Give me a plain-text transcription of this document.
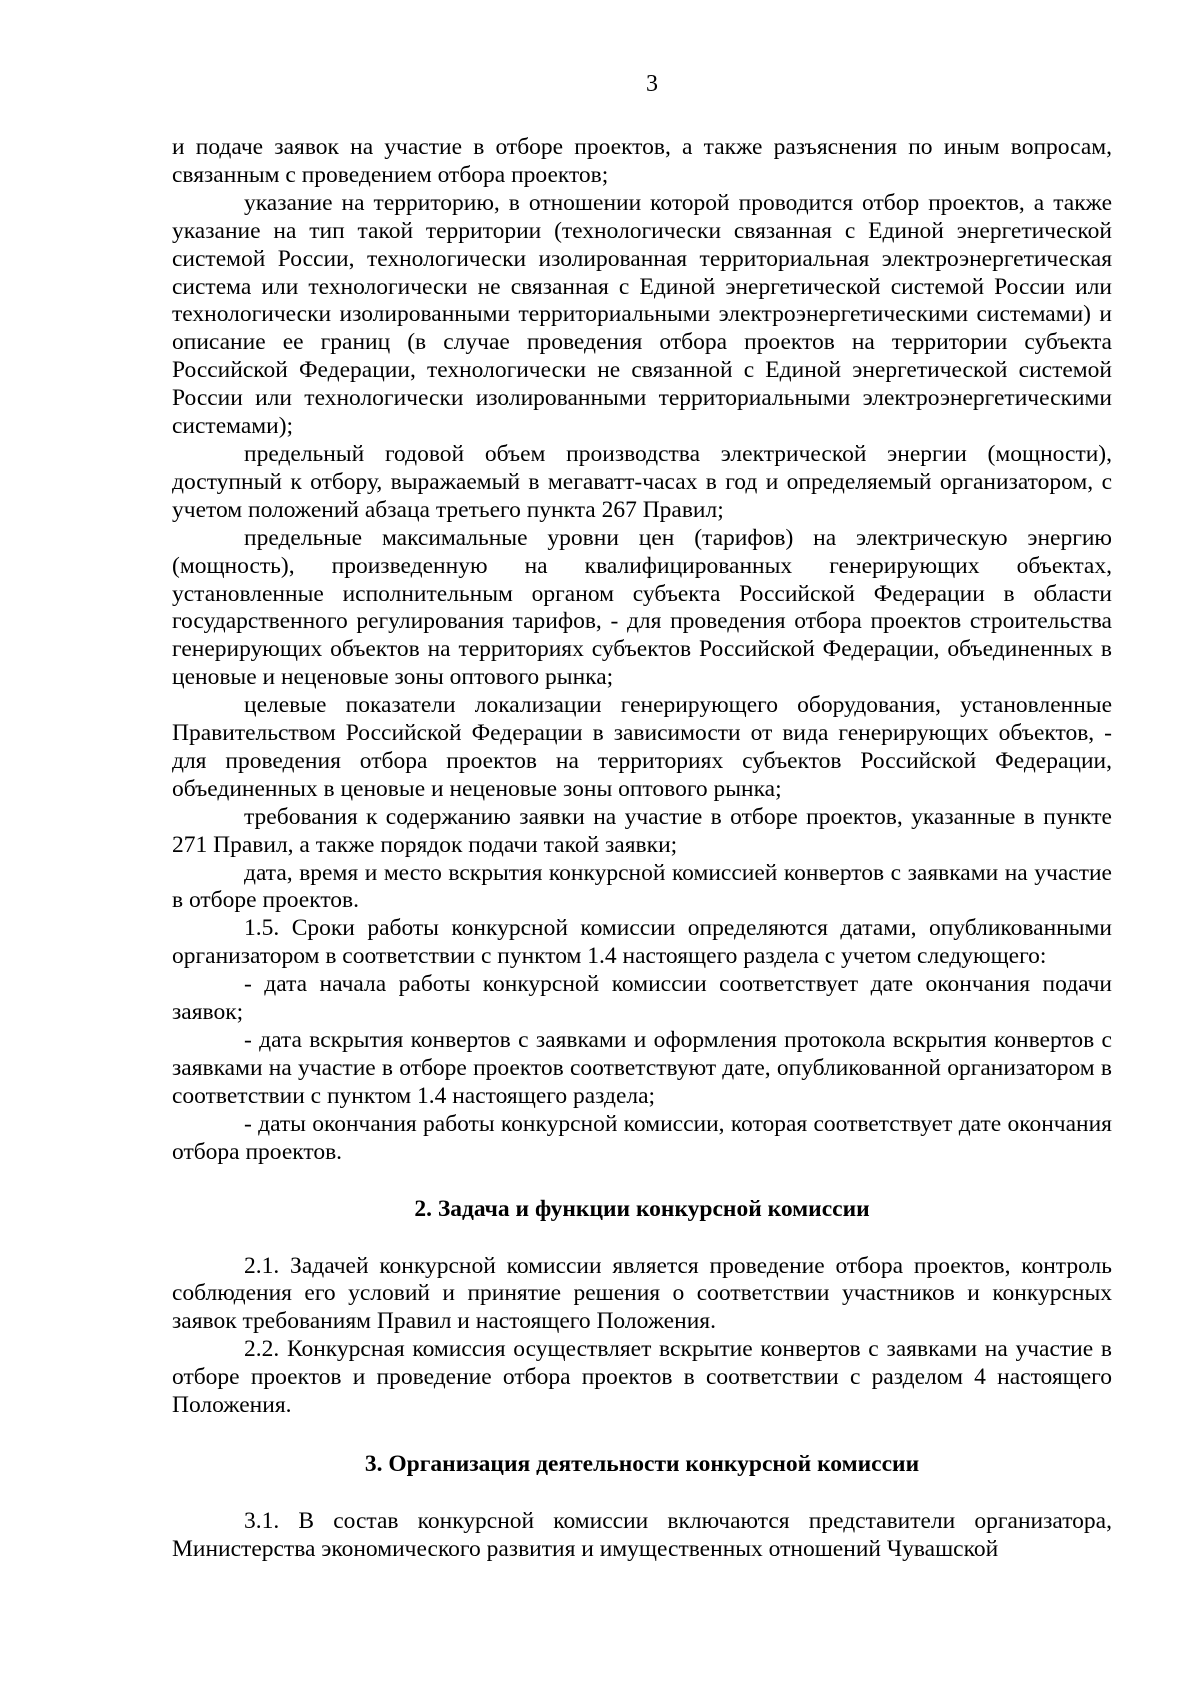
3

и подаче заявок на участие в отборе проектов, а также разъяснения по иным вопросам, связанным с проведением отбора проектов;

указание на территорию, в отношении которой проводится отбор проектов, а также указание на тип такой территории (технологически связанная с Единой энергетической системой России, технологически изолированная территориальная электроэнергетическая система или технологически не связанная с Единой энергетической системой России или технологически изолированными территориальными электроэнергетическими системами) и описание ее границ (в случае проведения отбора проектов на территории субъекта Российской Федерации, технологически не связанной с Единой энергетической системой России или технологически изолированными территориальными электроэнергетическими системами);

предельный годовой объем производства электрической энергии (мощности), доступный к отбору, выражаемый в мегаватт-часах в год и определяемый организатором, с учетом положений абзаца третьего пункта 267 Правил;

предельные максимальные уровни цен (тарифов) на электрическую энергию (мощность), произведенную на квалифицированных генерирующих объектах, установленные исполнительным органом субъекта Российской Федерации в области государственного регулирования тарифов, - для проведения отбора проектов строительства генерирующих объектов на территориях субъектов Российской Федерации, объединенных в ценовые и неценовые зоны оптового рынка;

целевые показатели локализации генерирующего оборудования, установленные Правительством Российской Федерации в зависимости от вида генерирующих объектов, - для проведения отбора проектов на территориях субъектов Российской Федерации, объединенных в ценовые и неценовые зоны оптового рынка;

требования к содержанию заявки на участие в отборе проектов, указанные в пункте 271 Правил, а также порядок подачи такой заявки;

дата, время и место вскрытия конкурсной комиссией конвертов с заявками на участие в отборе проектов.

1.5. Сроки работы конкурсной комиссии определяются датами, опубликованными организатором в соответствии с пунктом 1.4 настоящего раздела с учетом следующего:

- дата начала работы конкурсной комиссии соответствует дате окончания подачи заявок;

- дата вскрытия конвертов с заявками и оформления протокола вскрытия конвертов с заявками на участие в отборе проектов соответствуют дате, опубликованной организатором в соответствии с пунктом 1.4 настоящего раздела;

- даты окончания работы конкурсной комиссии, которая соответствует дате окончания отбора проектов.

2. Задача и функции конкурсной комиссии

2.1. Задачей конкурсной комиссии является проведение отбора проектов, контроль соблюдения его условий и принятие решения о соответствии участников и конкурсных заявок требованиям Правил и настоящего Положения.

2.2. Конкурсная комиссия осуществляет вскрытие конвертов с заявками на участие в отборе проектов и проведение отбора проектов в соответствии с разделом 4 настоящего Положения.

3. Организация деятельности конкурсной комиссии

3.1. В состав конкурсной комиссии включаются представители организатора, Министерства экономического развития и имущественных отношений Чувашской
